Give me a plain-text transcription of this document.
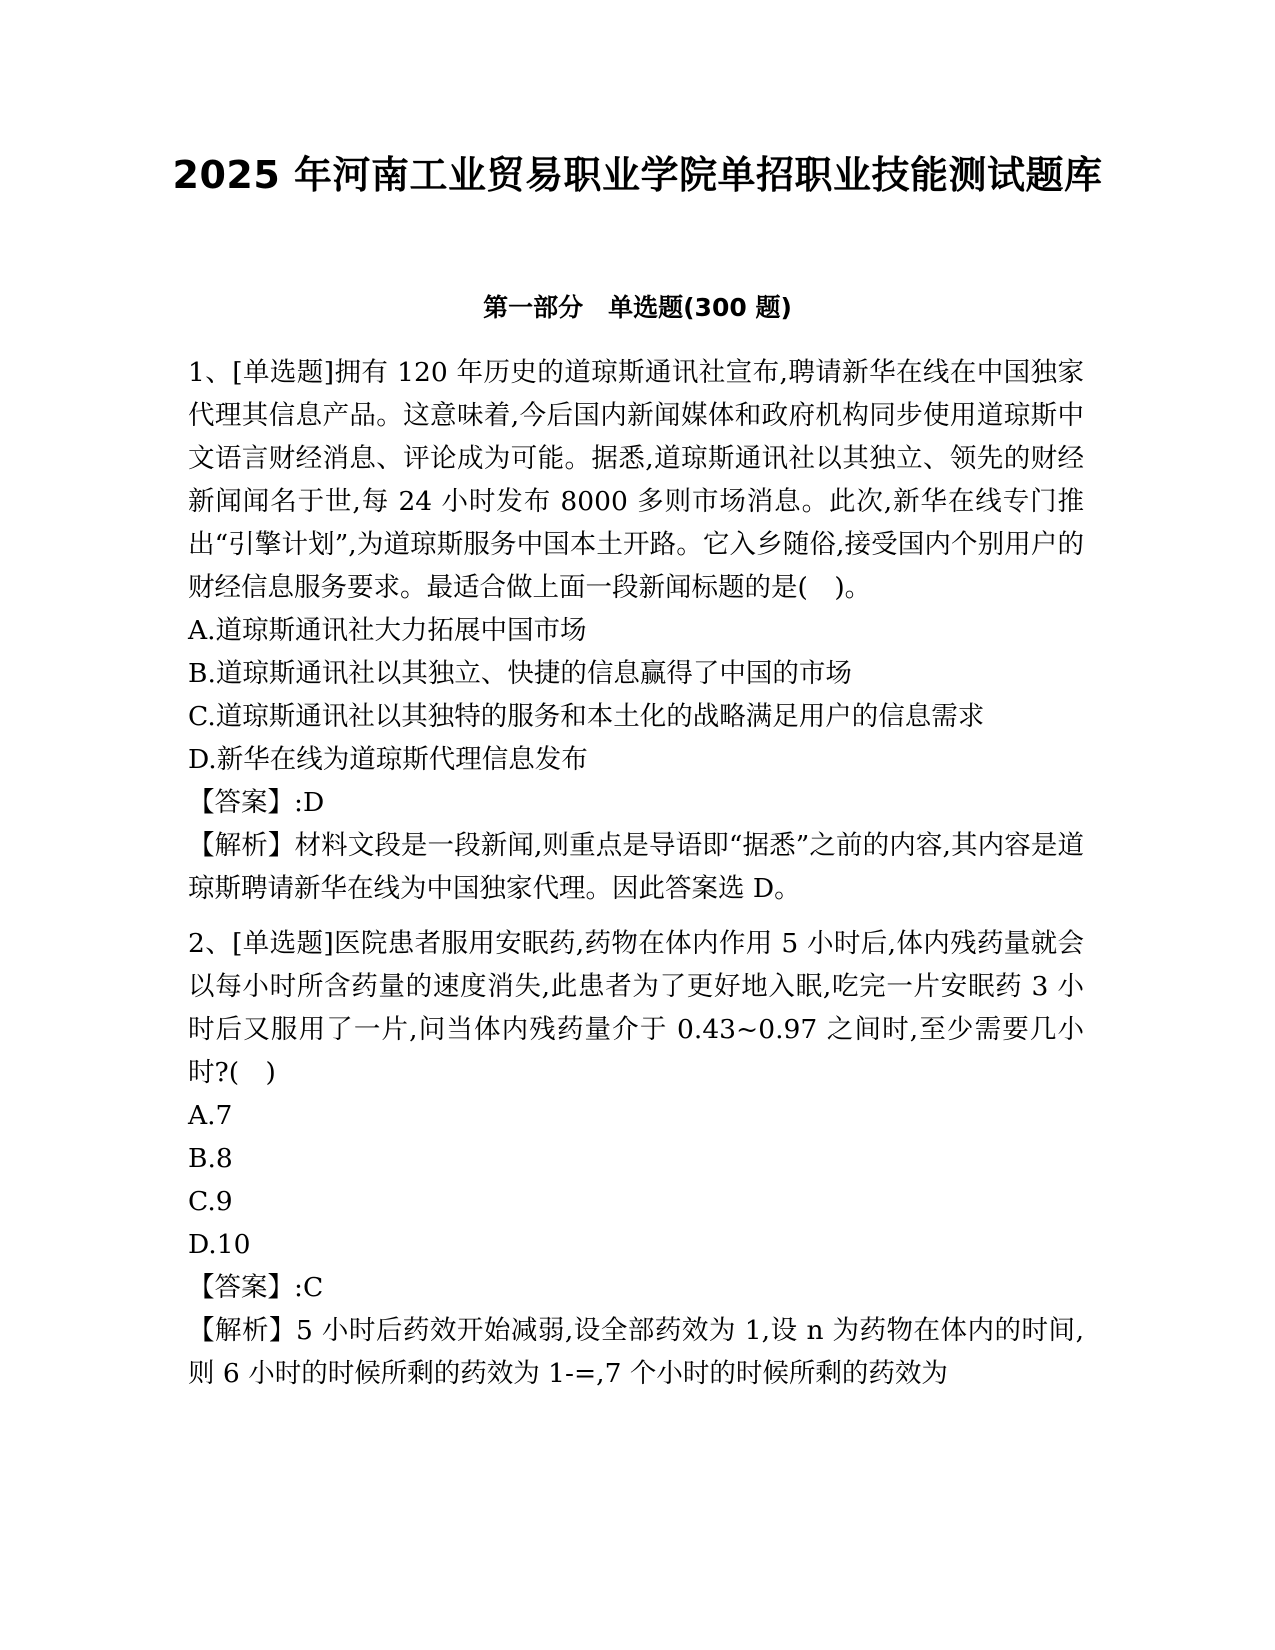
2025 年河南工业贸易职业学院单招职业技能测试题库
第一部分　单选题(300 题)

1、[单选题]拥有 120 年历史的道琼斯通讯社宣布,聘请新华在线在中国独家代理其信息产品。这意味着,今后国内新闻媒体和政府机构同步使用道琼斯中文语言财经消息、评论成为可能。据悉,道琼斯通讯社以其独立、领先的财经新闻闻名于世,每 24 小时发布 8000 多则市场消息。此次,新华在线专门推出“引擎计划”,为道琼斯服务中国本土开路。它入乡随俗,接受国内个别用户的财经信息服务要求。最适合做上面一段新闻标题的是(　)。

A.道琼斯通讯社大力拓展中国市场

B.道琼斯通讯社以其独立、快捷的信息赢得了中国的市场

C.道琼斯通讯社以其独特的服务和本土化的战略满足用户的信息需求

D.新华在线为道琼斯代理信息发布

【答案】:D

【解析】材料文段是一段新闻,则重点是导语即“据悉”之前的内容,其内容是道琼斯聘请新华在线为中国独家代理。因此答案选 D。

2、[单选题]医院患者服用安眠药,药物在体内作用 5 小时后,体内残药量就会以每小时所含药量的速度消失,此患者为了更好地入眠,吃完一片安眠药 3 小时后又服用了一片,问当体内残药量介于 0.43~0.97 之间时,至少需要几小时?(　)

A.7

B.8

C.9

D.10

【答案】:C

【解析】5 小时后药效开始减弱,设全部药效为 1,设 n 为药物在体内的时间,则 6 小时的时候所剩的药效为 1-=,7 个小时的时候所剩的药效为
